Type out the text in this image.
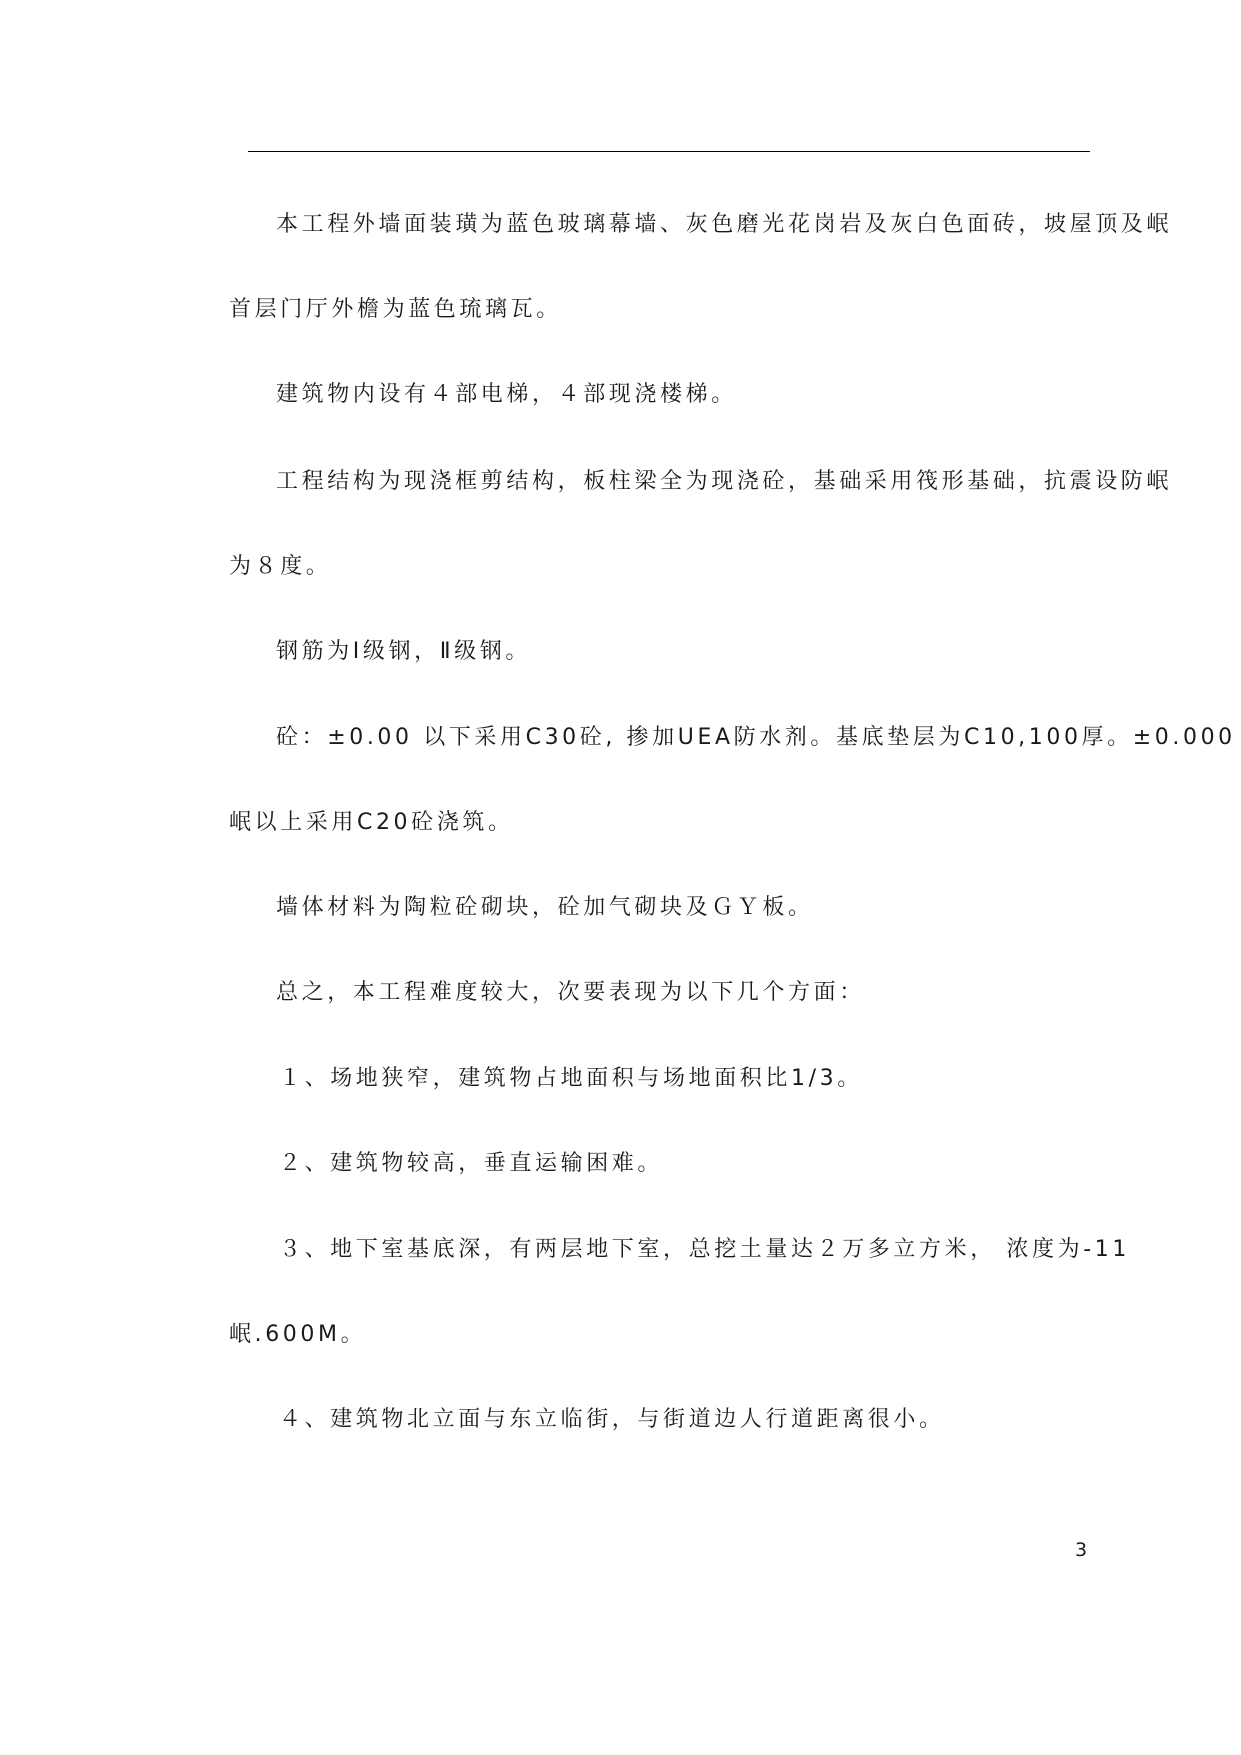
本工程外墙面装璜为蓝色玻璃幕墙、灰色磨光花岗岩及灰白色面砖，坡屋顶及岷
首层门厅外檐为蓝色琉璃瓦。
建筑物内设有４部电梯，４部现浇楼梯。
工程结构为现浇框剪结构，板柱梁全为现浇砼，基础采用筏形基础，抗震设防岷
为８度。
钢筋为Ⅰ级钢，Ⅱ级钢。
砼：±0.00 以下采用C30砼, 掺加UEA防水剂。基底垫层为C10,100厚。±0.000
岷以上采用C20砼浇筑。
墙体材料为陶粒砼砌块，砼加气砌块及ＧＹ板。
总之，本工程难度较大，次要表现为以下几个方面：
１、场地狭窄，建筑物占地面积与场地面积比1/3。
２、建筑物较高，垂直运输困难。
３、地下室基底深，有两层地下室，总挖土量达２万多立方米， 浓度为-11
岷.600M。
４、建筑物北立面与东立临街，与街道边人行道距离很小。
3
